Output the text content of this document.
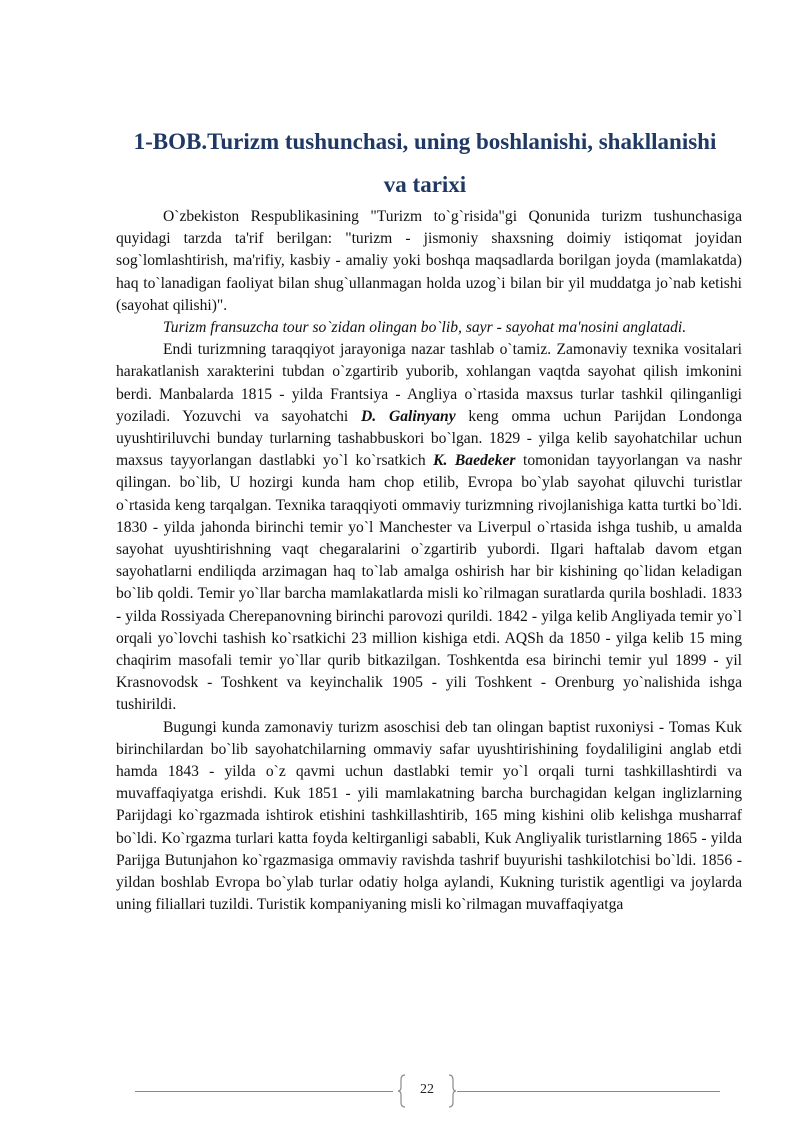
1-BOB.Turizm tushunchasi, uning boshlanishi, shakllanishi
va tarixi

O`zbekiston Respublikasining "Turizm to`g`risida"gi Qonunida turizm tushunchasiga quyidagi tarzda ta'rif berilgan: "turizm - jismoniy shaxsning doimiy istiqomat joyidan sog`lomlashtirish, ma'rifiy, kasbiy - amaliy yoki boshqa maqsadlarda borilgan joyda (mamlakatda) haq to`lanadigan faoliyat bilan shug`ullanmagan holda uzog`i bilan bir yil muddatga jo`nab ketishi (sayohat qilishi)".

Turizm fransuzcha tour so`zidan olingan bo`lib, sayr - sayohat ma'nosini anglatadi.

Endi turizmning taraqqiyot jarayoniga nazar tashlab o`tamiz. Zamonaviy texnika vositalari harakatlanish xarakterini tubdan o`zgartirib yuborib, xohlangan vaqtda sayohat qilish imkonini berdi. Manbalarda 1815 - yilda Frantsiya - Angliya o`rtasida maxsus turlar tashkil qilinganligi yoziladi. Yozuvchi va sayohatchi D. Galinyany keng omma uchun Parijdan Londonga uyushtiriluvchi bunday turlarning tashabbuskori bo`lgan. 1829 - yilga kelib sayohatchilar uchun maxsus tayyorlangan dastlabki yo`l ko`rsatkich K. Baedeker tomonidan tayyorlangan va nashr qilingan. bo`lib, U hozirgi kunda ham chop etilib, Evropa bo`ylab sayohat qiluvchi turistlar o`rtasida keng tarqalgan. Texnika taraqqiyoti ommaviy turizmning rivojlanishiga katta turtki bo`ldi. 1830 - yilda jahonda birinchi temir yo`l Manchester va Liverpul o`rtasida ishga tushib, u amalda sayohat uyushtirishning vaqt chegaralarini o`zgartirib yubordi. Ilgari haftalab davom etgan sayohatlarni endiliqda arzimagan haq to`lab amalga oshirish har bir kishining qo`lidan keladigan bo`lib qoldi. Temir yo`llar barcha mamlakatlarda misli ko`rilmagan suratlarda qurila boshladi. 1833 - yilda Rossiyada Cherepanovning birinchi parovozi qurildi. 1842 - yilga kelib Angliyada temir yo`l orqali yo`lovchi tashish ko`rsatkichi 23 million kishiga etdi. AQSh da 1850 - yilga kelib 15 ming chaqirim masofali temir yo`llar qurib bitkazilgan. Toshkentda esa birinchi temir yul 1899 - yil Krasnovodsk - Toshkent va keyinchalik 1905 - yili Toshkent - Orenburg yo`nalishida ishga tushirildi.

Bugungi kunda zamonaviy turizm asoschisi deb tan olingan baptist ruxoniysi - Tomas Kuk birinchilardan bo`lib sayohatchilarning ommaviy safar uyushtirishining foydaliligini anglab etdi hamda 1843 - yilda o`z qavmi uchun dastlabki temir yo`l orqali turni tashkillashtirdi va muvaffaqiyatga erishdi. Kuk 1851 - yili mamlakatning barcha burchagidan kelgan inglizlarning Parijdagi ko`rgazmada ishtirok etishini tashkillashtirib, 165 ming kishini olib kelishga musharraf bo`ldi. Ko`rgazma turlari katta foyda keltirganligi sababli, Kuk Angliyalik turistlarning 1865 - yilda Parijga Butunjahon ko`rgazmasiga ommaviy ravishda tashrif buyurishi tashkilotchisi bo`ldi. 1856 - yildan boshlab Evropa bo`ylab turlar odatiy holga aylandi, Kukning turistik agentligi va joylarda uning filiallari tuzildi. Turistik kompaniyaning misli ko`rilmagan muvaffaqiyatga

22
